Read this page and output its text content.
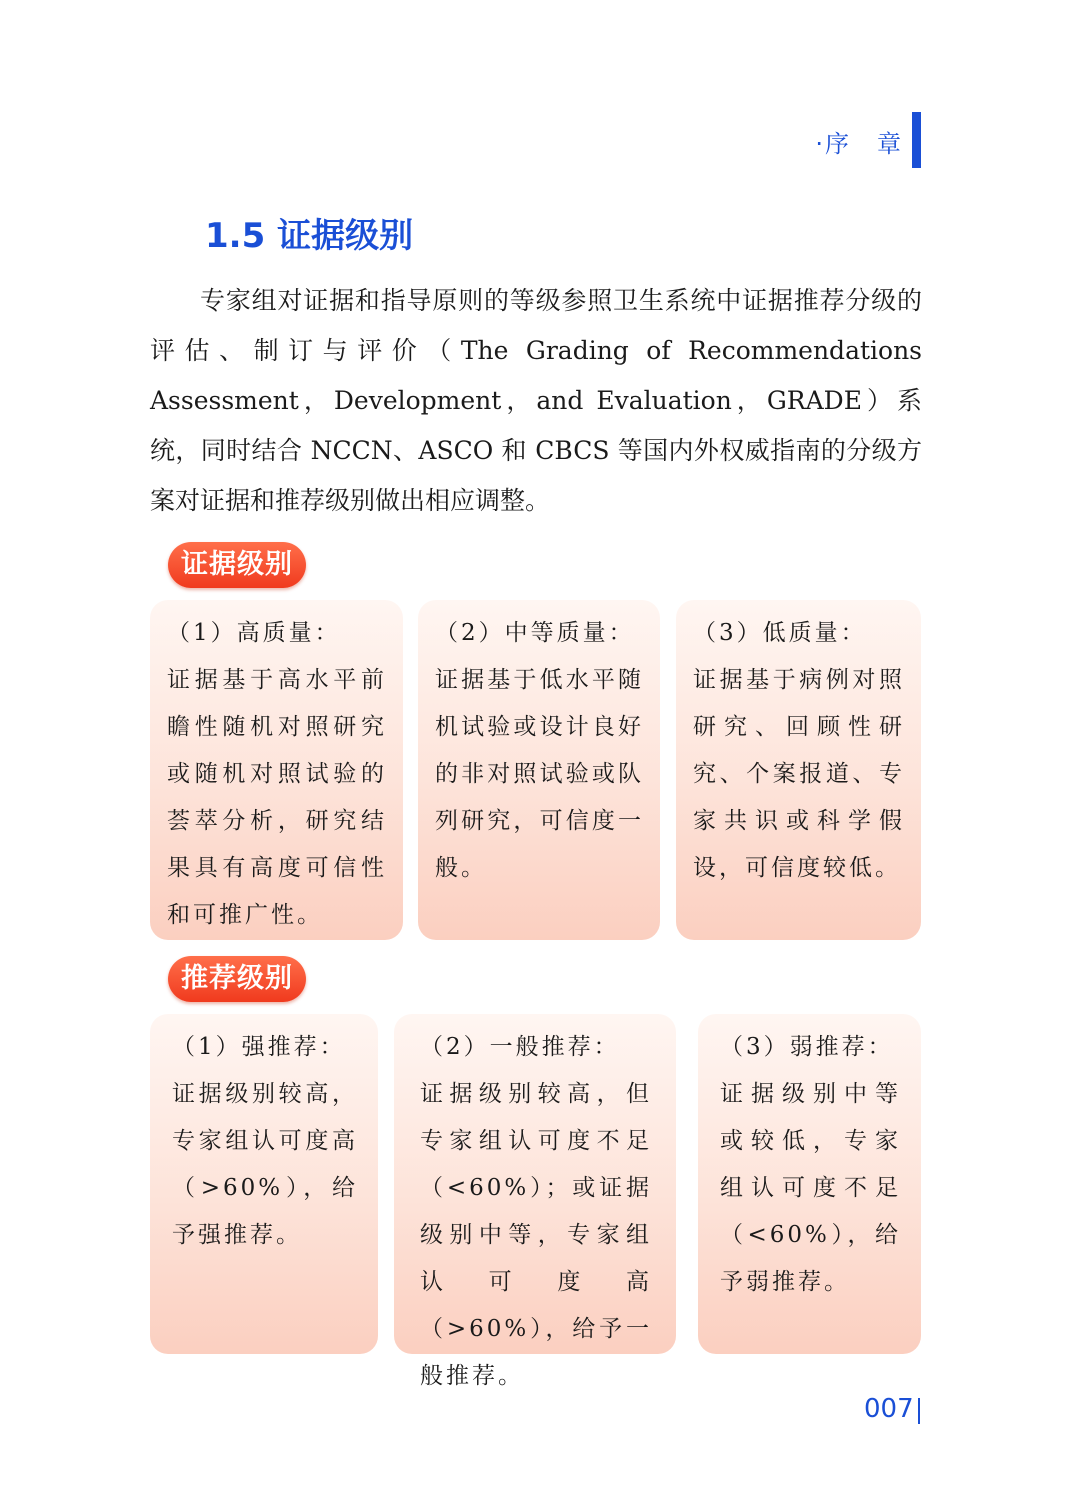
·序　章
1.5 证据级别

专家组对证据和指导原则的等级参照卫生系统中证据推荐分级的评估、制订与评价（The Grading of Recommendations Assessment，Development，and Evaluation，GRADE）系统，同时结合 NCCN、ASCO 和 CBCS 等国内外权威指南的分级方案对证据和推荐级别做出相应调整。

证据级别
（1）高质量：
证据基于高水平前瞻性随机对照研究或随机对照试验的荟萃分析，研究结果具有高度可信性和可推广性。
（2）中等质量：
证据基于低水平随机试验或设计良好的非对照试验或队列研究，可信度一般。
（3）低质量：
证据基于病例对照研究、回顾性研究、个案报道、专家共识或科学假设，可信度较低。
推荐级别
（1）强推荐：
证据级别较高，专家组认可度高（>60%），给予强推荐。
（2）一般推荐：
证据级别较高，但专家组认可度不足（<60%）；或证据级别中等，专家组认可度高（>60%），给予一般推荐。
（3）弱推荐：
证据级别中等或较低，专家组认可度不足（<60%），给予弱推荐。
007
